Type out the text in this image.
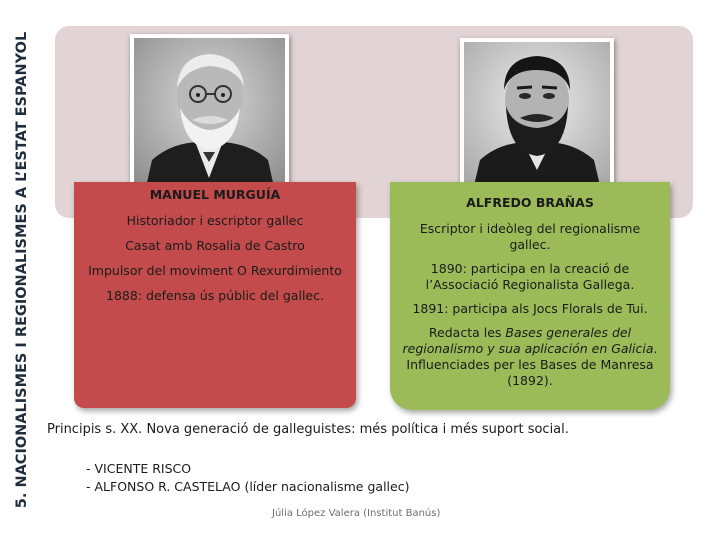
5. NACIONALISMES I REGIONALISMES A L’ESTAT ESPANYOL	MANUEL MURGUÍA

Historiador i escriptor gallec

Casat amb Rosalia de Castro

Impulsor del moviment O Rexurdimiento

1888: defensa ús públic del gallec.

ALFREDO BRAÑAS

Escriptor i ideòleg del regionalisme gallec.

1890: participa en la creació de l’Associació Regionalista Gallega.

1891: participa als Jocs Florals de Tui.

Redacta les Bases generales del regionalismo y sua aplicación en Galicia. Influenciades per les Bases de Manresa (1892).

Principis s. XX. Nova generació de galleguistes: més política i més suport social.
- VICENTE RISCO
- ALFONSO R. CASTELAO (líder nacionalisme gallec)
Júlia López Valera (Institut Banús)
